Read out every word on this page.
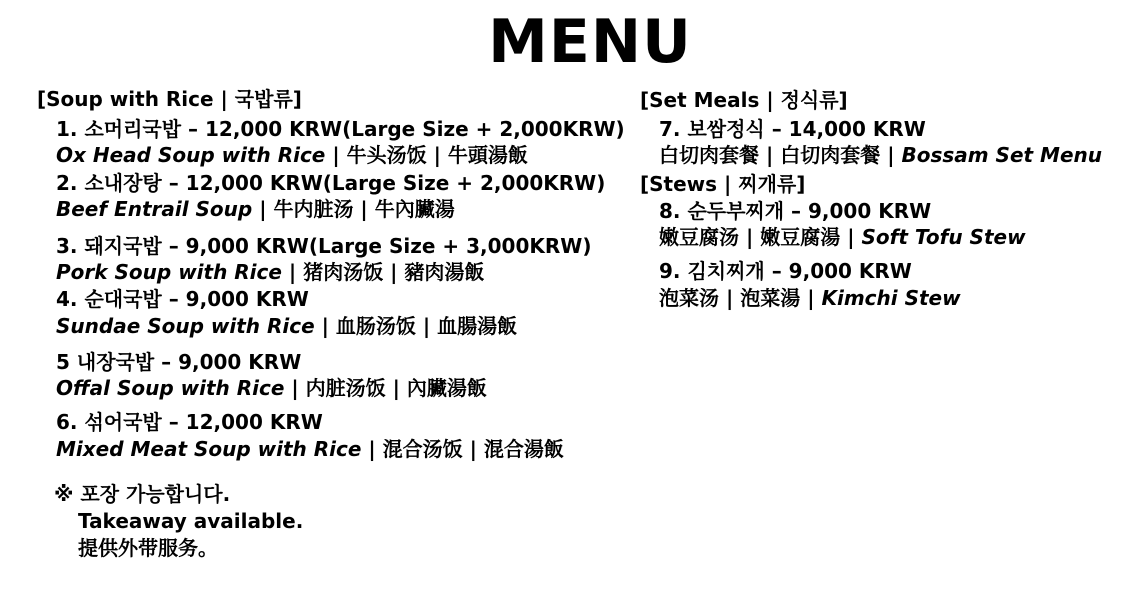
MENU
[Soup with Rice | 국밥류]
1. 소머리국밥 – 12,000 KRW(Large Size + 2,000KRW)
Ox Head Soup with Rice | 牛头汤饭 | 牛頭湯飯
2. 소내장탕 – 12,000 KRW(Large Size + 2,000KRW)
Beef Entrail Soup | 牛内脏汤 | 牛內臟湯
3. 돼지국밥 – 9,000 KRW(Large Size + 3,000KRW)
Pork Soup with Rice | 猪肉汤饭 | 豬肉湯飯
4. 순대국밥 – 9,000 KRW
Sundae Soup with Rice | 血肠汤饭 | 血腸湯飯
5 내장국밥 – 9,000 KRW
Offal Soup with Rice | 内脏汤饭 | 內臟湯飯
6. 섞어국밥 – 12,000 KRW
Mixed Meat Soup with Rice | 混合汤饭 | 混合湯飯
※ 포장 가능합니다.
Takeaway available.
提供外带服务。
[Set Meals | 정식류]
7. 보쌈정식 – 14,000 KRW
白切肉套餐 | 白切肉套餐 | Bossam Set Menu
[Stews | 찌개류]
8. 순두부찌개 – 9,000 KRW
嫩豆腐汤 | 嫩豆腐湯 | Soft Tofu Stew
9. 김치찌개 – 9,000 KRW
泡菜汤 | 泡菜湯 | Kimchi Stew
